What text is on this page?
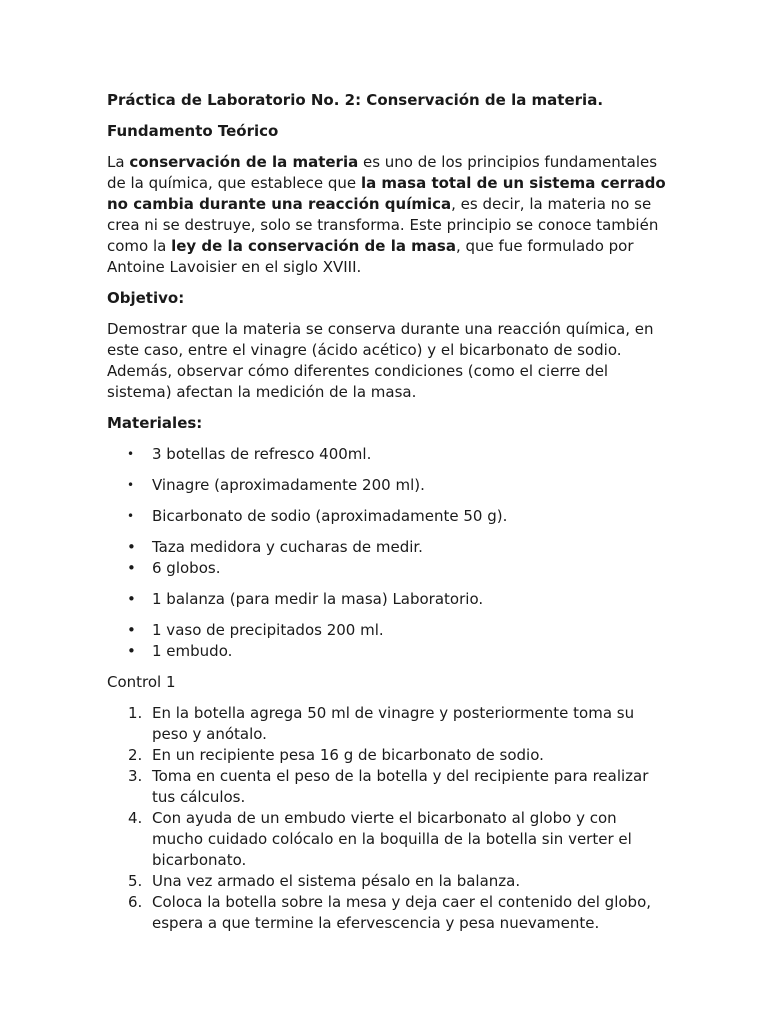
Práctica de Laboratorio No. 2: Conservación de la materia.

Fundamento Teórico

La conservación de la materia es uno de los principios fundamentales de la química, que establece que la masa total de un sistema cerrado no cambia durante una reacción química, es decir, la materia no se crea ni se destruye, solo se transforma. Este principio se conoce también como la ley de la conservación de la masa, que fue formulado por Antoine Lavoisier en el siglo XVIII.

Objetivo:

Demostrar que la materia se conserva durante una reacción química, en este caso, entre el vinagre (ácido acético) y el bicarbonato de sodio. Además, observar cómo diferentes condiciones (como el cierre del sistema) afectan la medición de la masa.

Materiales:

• 3 botellas de refresco 400ml.
• Vinagre (aproximadamente 200 ml).
• Bicarbonato de sodio (aproximadamente 50 g).
• Taza medidora y cucharas de medir.
• 6 globos.
• 1 balanza (para medir la masa) Laboratorio.
• 1 vaso de precipitados 200 ml.
• 1 embudo.

Control 1

1. En la botella agrega 50 ml de vinagre y posteriormente toma su peso y anótalo.
2. En un recipiente pesa 16 g de bicarbonato de sodio.
3. Toma en cuenta el peso de la botella y del recipiente para realizar tus cálculos.
4. Con ayuda de un embudo vierte el bicarbonato al globo y con mucho cuidado colócalo en la boquilla de la botella sin verter el bicarbonato.
5. Una vez armado el sistema pésalo en la balanza.
6. Coloca la botella sobre la mesa y deja caer el contenido del globo, espera a que termine la efervescencia y pesa nuevamente.
